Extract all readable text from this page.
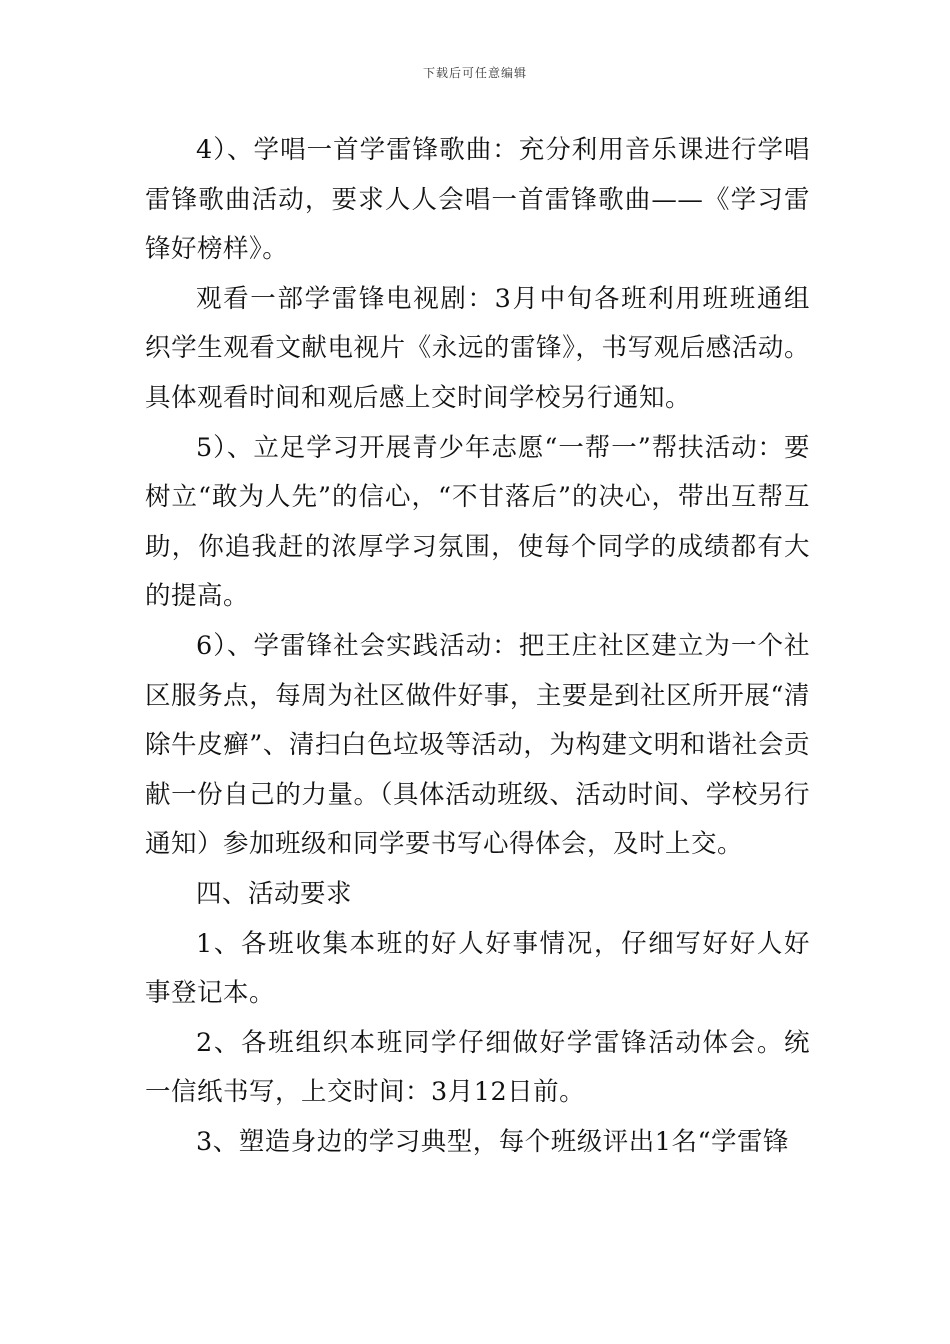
下载后可任意编辑

4）、学唱一首学雷锋歌曲：充分利用音乐课进行学唱雷锋歌曲活动，要求人人会唱一首雷锋歌曲——《学习雷锋好榜样》。

观看一部学雷锋电视剧：3月中旬各班利用班班通组织学生观看文献电视片《永远的雷锋》，书写观后感活动。具体观看时间和观后感上交时间学校另行通知。

5）、立足学习开展青少年志愿“一帮一”帮扶活动：要树立“敢为人先”的信心，“不甘落后”的决心，带出互帮互助，你追我赶的浓厚学习氛围，使每个同学的成绩都有大的提高。

6）、学雷锋社会实践活动：把王庄社区建立为一个社区服务点，每周为社区做件好事，主要是到社区所开展“清除牛皮癣”、清扫白色垃圾等活动，为构建文明和谐社会贡献一份自己的力量。（具体活动班级、活动时间、学校另行通知）参加班级和同学要书写心得体会，及时上交。

四、活动要求

1、各班收集本班的好人好事情况，仔细写好好人好事登记本。

2、各班组织本班同学仔细做好学雷锋活动体会。统一信纸书写，上交时间：3月12日前。

3、塑造身边的学习典型，每个班级评出1名“学雷锋
